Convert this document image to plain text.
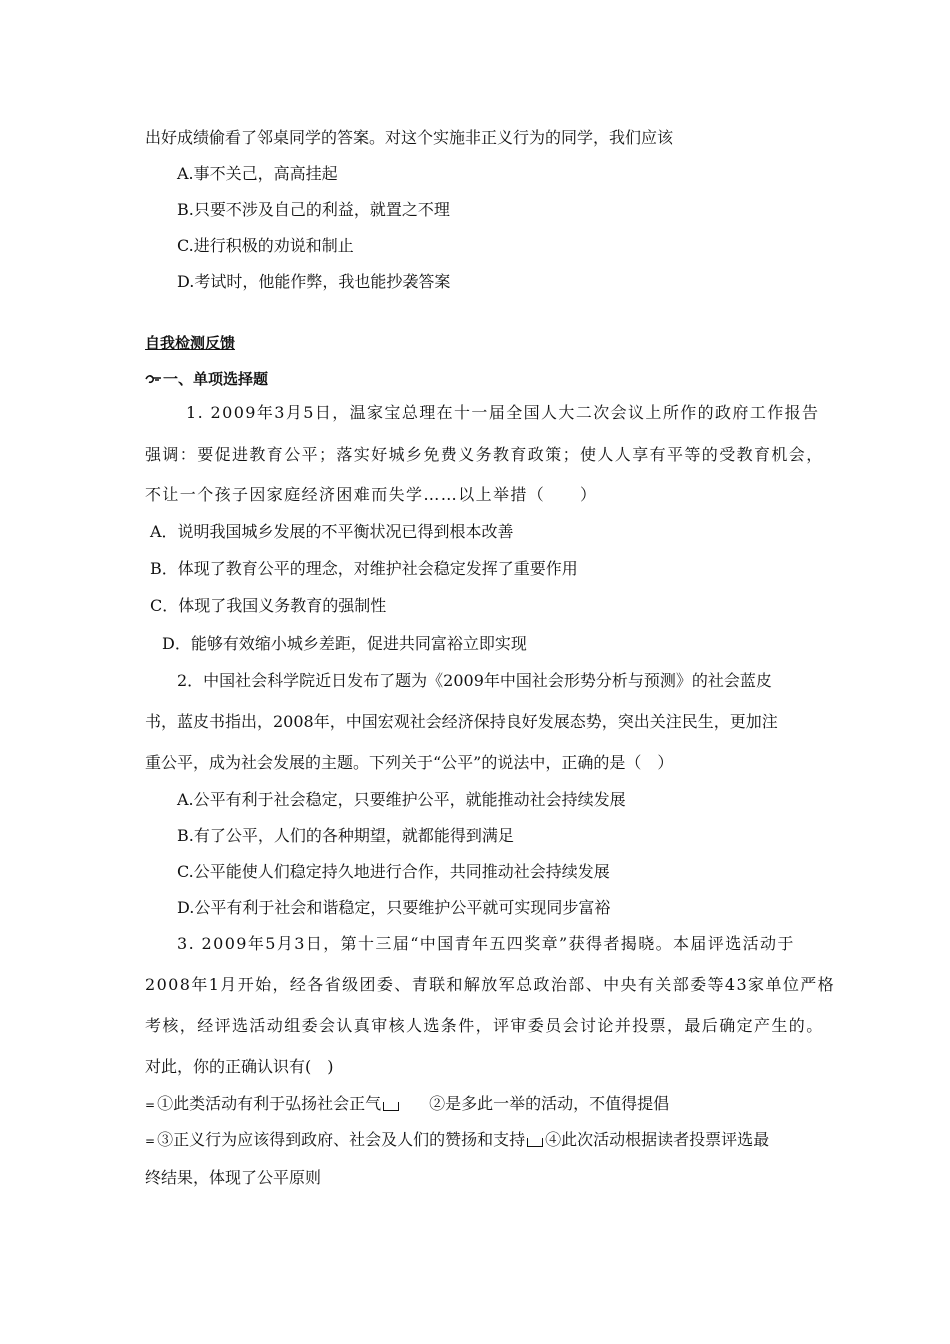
出好成绩偷看了邻桌同学的答案。对这个实施非正义行为的同学，我们应该
A.事不关己，高高挂起
B.只要不涉及自己的利益，就置之不理
C.进行积极的劝说和制止
D.考试时，他能作弊，我也能抄袭答案
自我检测反馈
一、单项选择题
1. 2009年3月5日，温家宝总理在十一届全国人大二次会议上所作的政府工作报告
强调：要促进教育公平；落实好城乡免费义务教育政策；使人人享有平等的受教育机会，
不让一个孩子因家庭经济困难而失学……以上举措（　　）
A．说明我国城乡发展的不平衡状况已得到根本改善
B．体现了教育公平的理念，对维护社会稳定发挥了重要作用
C．体现了我国义务教育的强制性
D．能够有效缩小城乡差距，促进共同富裕立即实现
2．中国社会科学院近日发布了题为《2009年中国社会形势分析与预测》的社会蓝皮
书，蓝皮书指出，2008年，中国宏观社会经济保持良好发展态势，突出关注民生，更加注
重公平，成为社会发展的主题。下列关于“公平”的说法中，正确的是（　）
A.公平有利于社会稳定，只要维护公平，就能推动社会持续发展
B.有了公平，人们的各种期望，就都能得到满足
C.公平能使人们稳定持久地进行合作，共同推动社会持续发展
D.公平有利于社会和谐稳定，只要维护公平就可实现同步富裕
3. 2009年5月3日，第十三届“中国青年五四奖章”获得者揭晓。本届评选活动于
2008年1月开始，经各省级团委、青联和解放军总政治部、中央有关部委等43家单位严格
考核，经评选活动组委会认真审核人选条件，评审委员会讨论并投票，最后确定产生的。
对此，你的正确认识有(　)
= ①此类活动有利于弘扬社会正气	②是多此一举的活动，不值得提倡
= ③正义行为应该得到政府、社会及人们的赞扬和支持 ④此次活动根据读者投票评选最
终结果，体现了公平原则
